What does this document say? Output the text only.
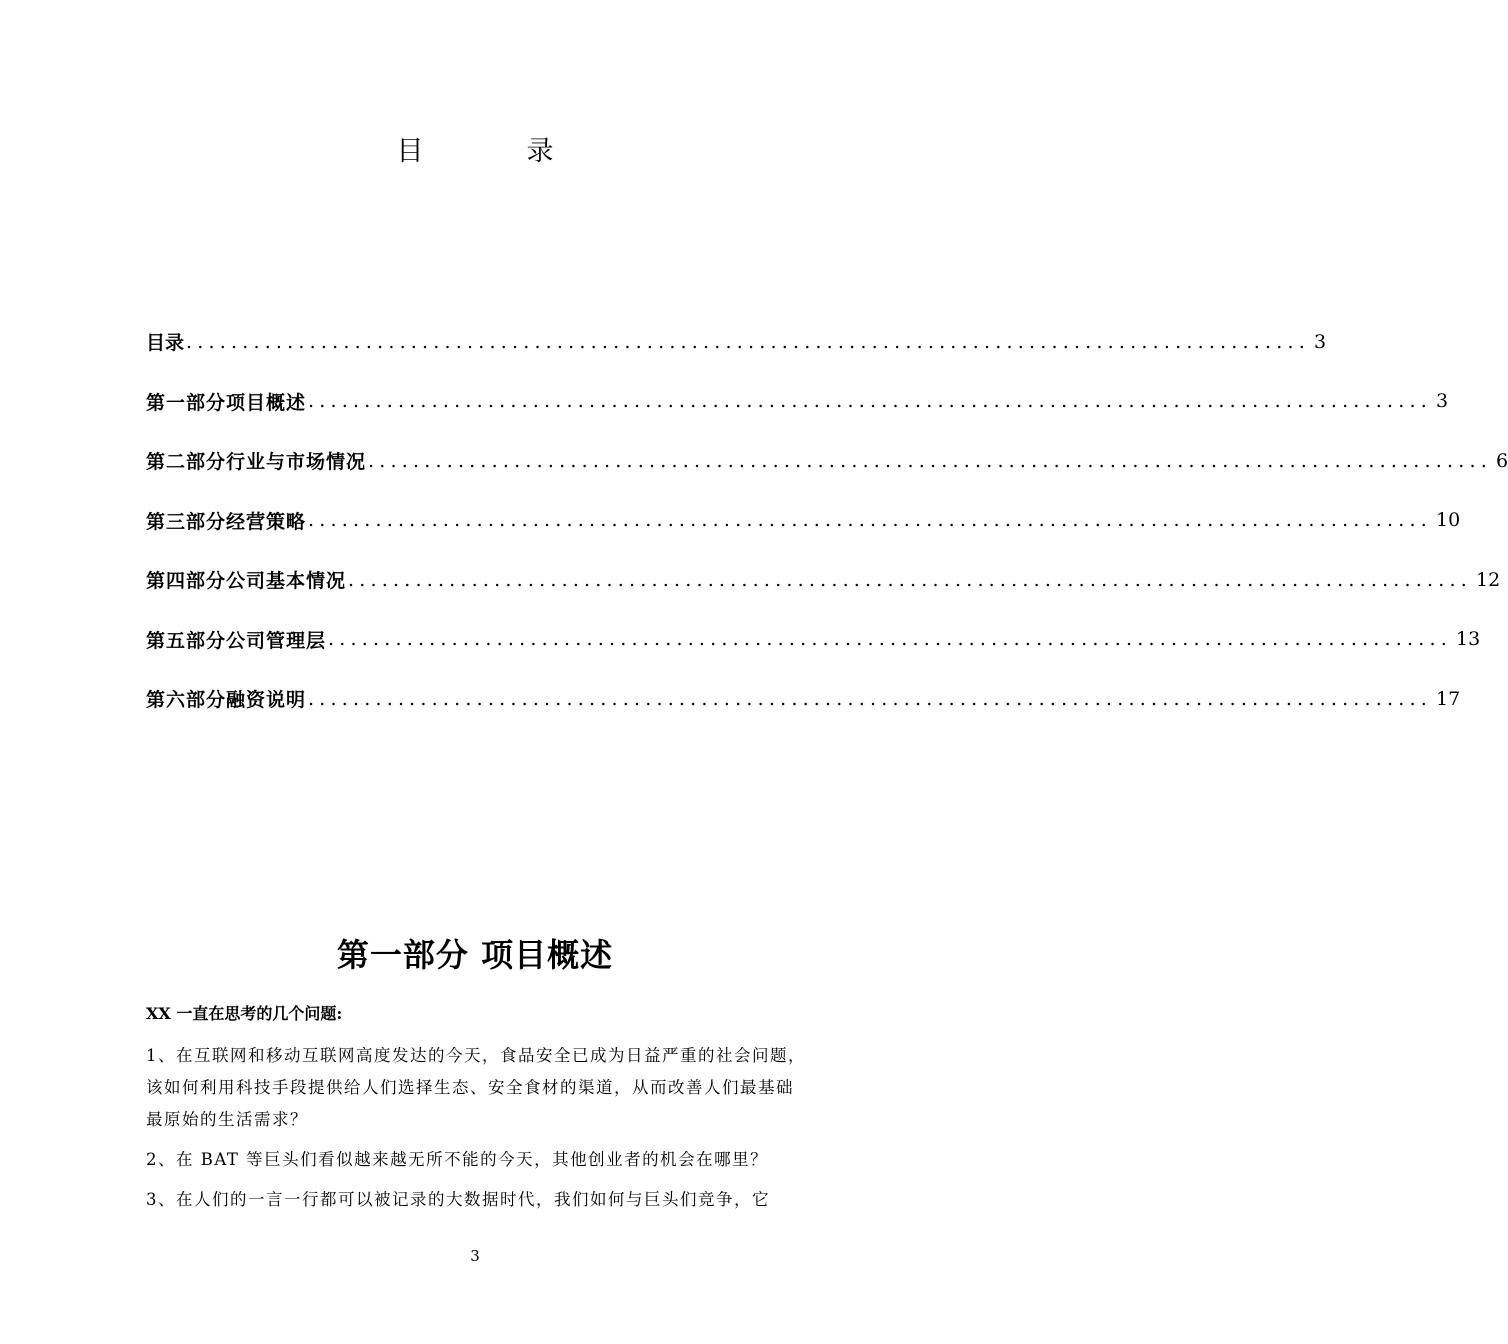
目　录
目录 .................................................................................................... 3
第一部分 项目概述 .................................................................................................... 3
第二部分 行业与市场情况 .................................................................................................... 6
第三部分 经营策略 .................................................................................................... 10
第四部分 公司基本情况 .................................................................................................... 12
第五部分 公司管理层 .................................................................................................... 13
第六部分 融资说明 .................................................................................................... 17
第一部分 项目概述
XX 一直在思考的几个问题:

1、在互联网和移动互联网高度发达的今天，食品安全已成为日益严重的社会问题，该如何利用科技手段提供给人们选择生态、安全食材的渠道，从而改善人们最基础最原始的生活需求？

2、在 BAT 等巨头们看似越来越无所不能的今天，其他创业者的机会在哪里？

3、在人们的一言一行都可以被记录的大数据时代，我们如何与巨头们竞争，它

3
